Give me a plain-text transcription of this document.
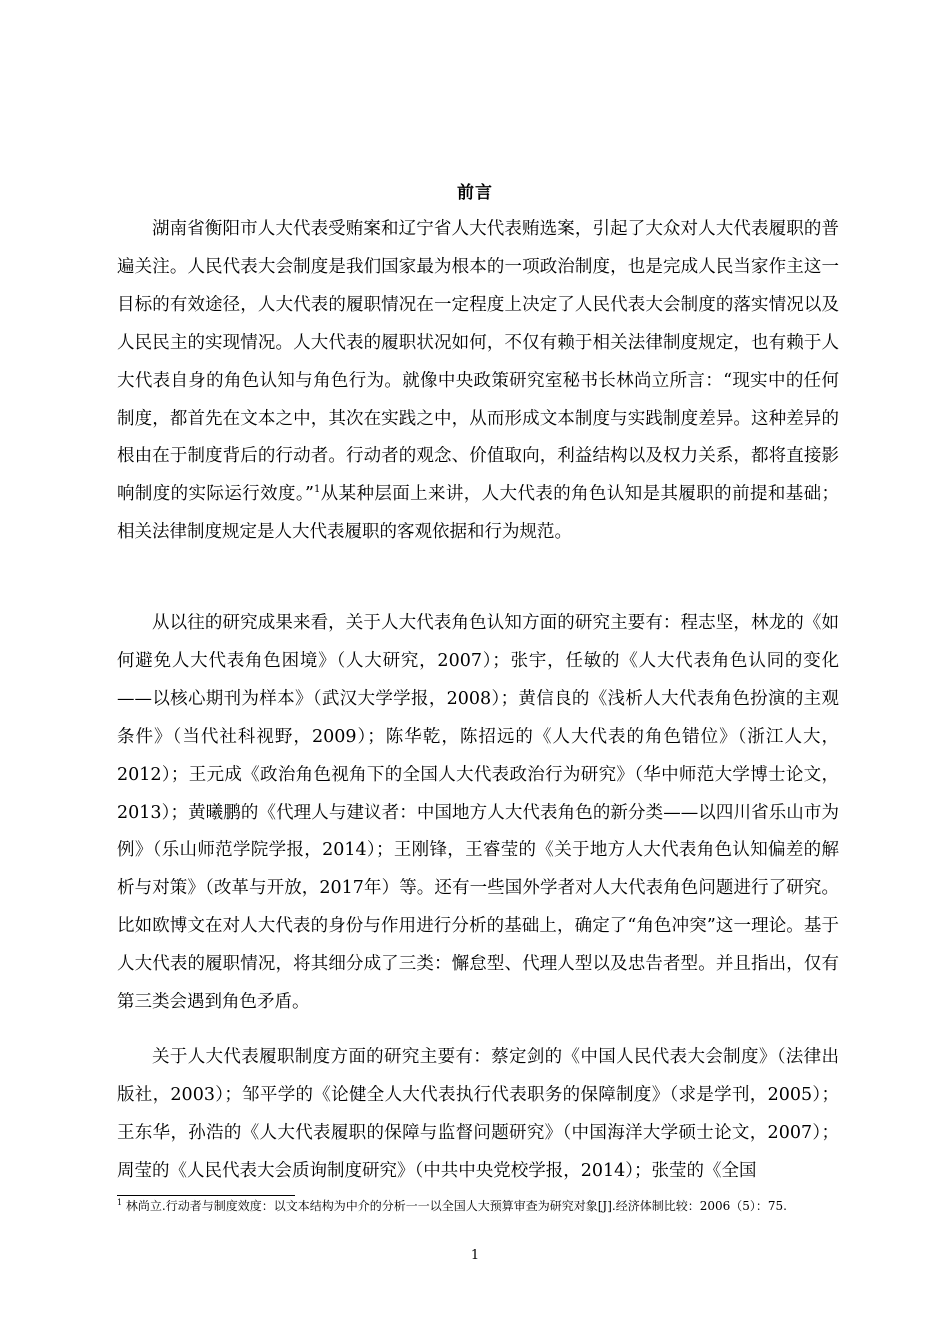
前言

湖南省衡阳市人大代表受贿案和辽宁省人大代表贿选案，引起了大众对人大代表履职的普遍关注。人民代表大会制度是我们国家最为根本的一项政治制度，也是完成人民当家作主这一目标的有效途径，人大代表的履职情况在一定程度上决定了人民代表大会制度的落实情况以及人民民主的实现情况。人大代表的履职状况如何，不仅有赖于相关法律制度规定，也有赖于人大代表自身的角色认知与角色行为。就像中央政策研究室秘书长林尚立所言：“现实中的任何制度，都首先在文本之中，其次在实践之中，从而形成文本制度与实践制度差异。这种差异的根由在于制度背后的行动者。行动者的观念、价值取向，利益结构以及权力关系，都将直接影响制度的实际运行效度。”$^1$从某种层面上来讲，人大代表的角色认知是其履职的前提和基础；相关法律制度规定是人大代表履职的客观依据和行为规范。

从以往的研究成果来看，关于人大代表角色认知方面的研究主要有：程志坚，林龙的《如何避免人大代表角色困境》（人大研究，2007）；张宇，任敏的《人大代表角色认同的变化——以核心期刊为样本》（武汉大学学报，2008）；黄信良的《浅析人大代表角色扮演的主观条件》（当代社科视野，2009）；陈华乾，陈招远的《人大代表的角色错位》（浙江人大，2012）；王元成《政治角色视角下的全国人大代表政治行为研究》（华中师范大学博士论文，2013）；黄曦鹏的《代理人与建议者：中国地方人大代表角色的新分类——以四川省乐山市为例》（乐山师范学院学报，2014）；王刚锋，王睿莹的《关于地方人大代表角色认知偏差的解析与对策》（改革与开放，2017年）等。还有一些国外学者对人大代表角色问题进行了研究。比如欧博文在对人大代表的身份与作用进行分析的基础上，确定了“角色冲突”这一理论。基于人大代表的履职情况，将其细分成了三类：懈怠型、代理人型以及忠告者型。并且指出，仅有第三类会遇到角色矛盾。

关于人大代表履职制度方面的研究主要有：蔡定剑的《中国人民代表大会制度》（法律出版社，2003）；邹平学的《论健全人大代表执行代表职务的保障制度》（求是学刊，2005）；王东华，孙浩的《人大代表履职的保障与监督问题研究》（中国海洋大学硕士论文，2007）；周莹的《人民代表大会质询制度研究》（中共中央党校学报，2014）；张莹的《全国

$^1$ 林尚立.行动者与制度效度：以文本结构为中介的分析一一以全国人大预算审查为研究对象[J].经济体制比较：2006（5）：75.

1
